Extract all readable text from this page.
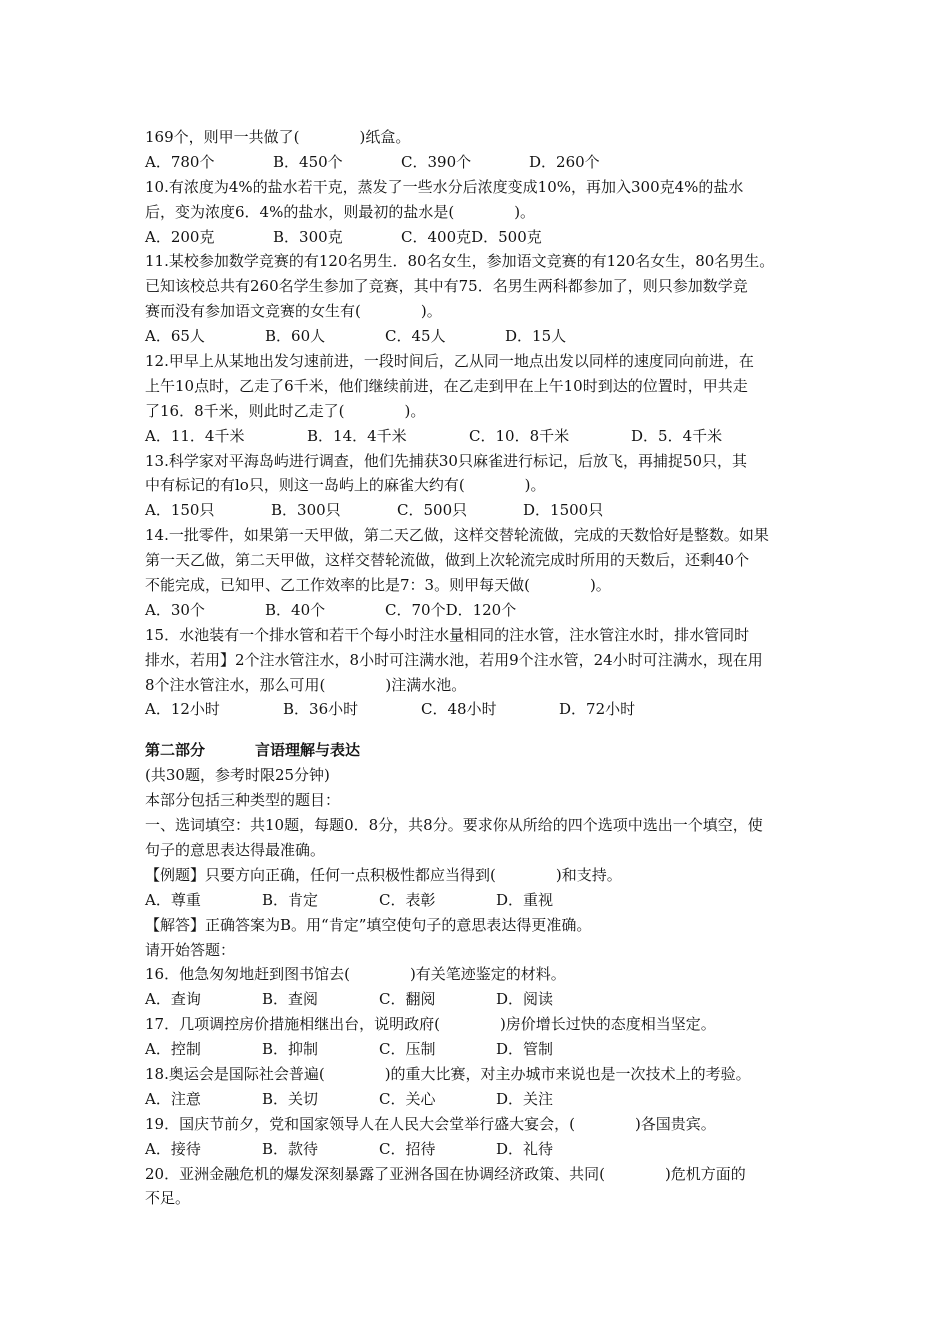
169个，则甲一共做了(　　　　)纸盒。
A．780个	B．450个	C．390个	D．260个
10.有浓度为4%的盐水若干克，蒸发了一些水分后浓度变成10%，再加入300克4%的盐水
后，变为浓度6．4%的盐水，则最初的盐水是(　　　　)。
A．200克	B．300克	C．400克D．500克
11.某校参加数学竞赛的有120名男生．80名女生，参加语文竞赛的有120名女生，80名男生。
已知该校总共有260名学生参加了竞赛，其中有75．名男生两科都参加了，则只参加数学竞
赛而没有参加语文竞赛的女生有(　　　　)。
A．65人	B．60人	C．45人	D．15人
12.甲早上从某地出发匀速前进，一段时间后，乙从同一地点出发以同样的速度同向前进，在
上午10点时，乙走了6千米，他们继续前进，在乙走到甲在上午10时到达的位置时，甲共走
了16．8千米，则此时乙走了(　　　　)。
A．11．4千米	B．14．4千米	C．10．8千米	D．5．4千米
13.科学家对平海岛屿进行调查，他们先捕获30只麻雀进行标记，后放飞，再捕捉50只，其
中有标记的有lo只，则这一岛屿上的麻雀大约有(　　　　)。
A．150只	B．300只	C．500只	D．1500只
14.一批零件，如果第一天甲做，第二天乙做，这样交替轮流做，完成的天数恰好是整数。如果
第一天乙做，第二天甲做，这样交替轮流做，做到上次轮流完成时所用的天数后，还剩40个
不能完成，已知甲、乙工作效率的比是7：3。则甲每天做(　　　　)。
A．30个	B．40个	C．70个D．120个
15．水池装有一个排水管和若干个每小时注水量相同的注水管，注水管注水时，排水管同时
排水，若用】2个注水管注水，8小时可注满水池，若用9个注水管，24小时可注满水，现在用
8个注水管注水，那么可用(　　　　)注满水池。
A．12小时	B．36小时	C．48小时	D．72小时
第二部分	言语理解与表达
(共30题，参考时限25分钟)
本部分包括三种类型的题目：
一、选词填空：共10题，每题0．8分，共8分。要求你从所给的四个选项中选出一个填空，使
句子的意思表达得最准确。
【例题】只要方向正确，任何一点积极性都应当得到(　　　　)和支持。
A．尊重	B．肯定	C．表彰	D．重视
【解答】正确答案为B。用“肯定”填空使句子的意思表达得更准确。
请开始答题：
16．他急匆匆地赶到图书馆去(　　　　)有关笔迹鉴定的材料。
A．查询	B．查阅	C．翻阅	D．阅读
17．几项调控房价措施相继出台，说明政府(　　　　)房价增长过快的态度相当坚定。
A．控制	B．抑制	C．压制	D．管制
18.奥运会是国际社会普遍(　　　　)的重大比赛，对主办城市来说也是一次技术上的考验。
A．注意	B．关切	C．关心	D．关注
19．国庆节前夕，党和国家领导人在人民大会堂举行盛大宴会，(　　　　)各国贵宾。
A．接待	B．款待	C．招待	D．礼待
20．亚洲金融危机的爆发深刻暴露了亚洲各国在协调经济政策、共同(　　　　)危机方面的
不足。
